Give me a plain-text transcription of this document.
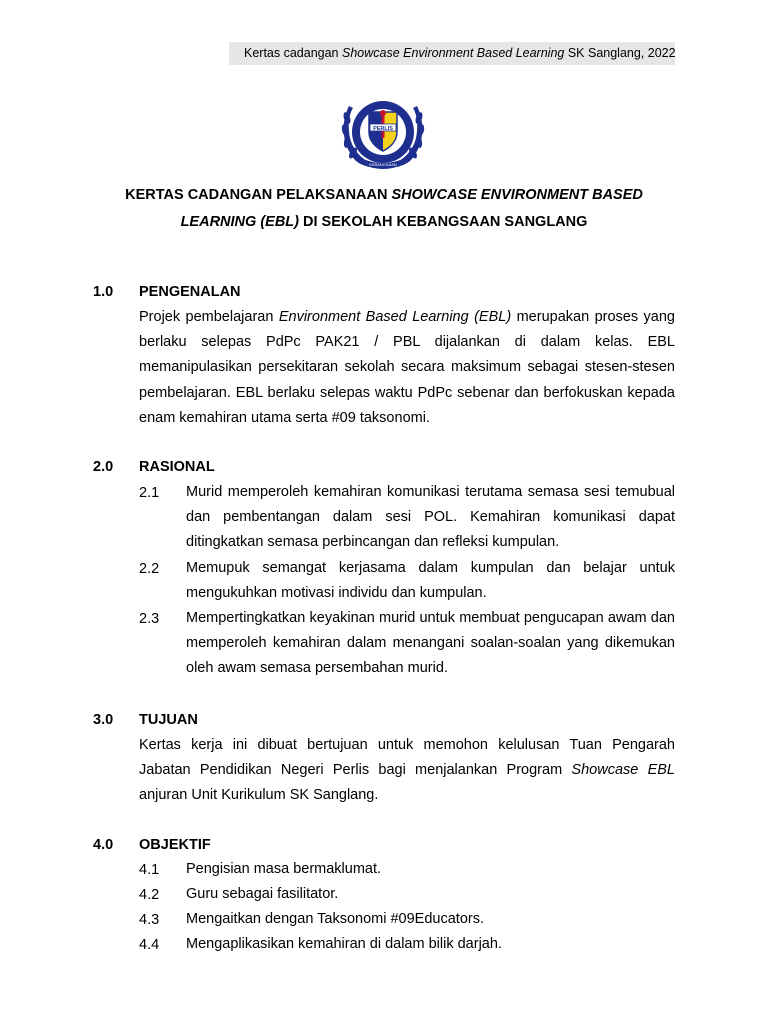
Kertas cadangan Showcase Environment Based Learning SK Sanglang, 2022
PERLIS
KEBANGSAAN
KERTAS CADANGAN PELAKSANAAN SHOWCASE ENVIRONMENT BASED
LEARNING (EBL) DI SEKOLAH KEBANGSAAN SANGLANG
1.0 PENGENALAN
Projek pembelajaran Environment Based Learning (EBL) merupakan proses yang berlaku selepas PdPc PAK21 / PBL dijalankan di dalam kelas. EBL memanipulasikan persekitaran sekolah secara maksimum sebagai stesen-stesen pembelajaran. EBL berlaku selepas waktu PdPc sebenar dan berfokuskan kepada enam kemahiran utama serta #09 taksonomi.
2.0 RASIONAL
2.1 Murid memperoleh kemahiran komunikasi terutama semasa sesi temubual dan pembentangan dalam sesi POL. Kemahiran komunikasi dapat ditingkatkan semasa perbincangan dan refleksi kumpulan.
2.2 Memupuk semangat kerjasama dalam kumpulan dan belajar untuk mengukuhkan motivasi individu dan kumpulan.
2.3 Mempertingkatkan keyakinan murid untuk membuat pengucapan awam dan memperoleh kemahiran dalam menangani soalan-soalan yang dikemukan oleh awam semasa persembahan murid.
3.0 TUJUAN
Kertas kerja ini dibuat bertujuan untuk memohon kelulusan Tuan Pengarah Jabatan Pendidikan Negeri Perlis bagi menjalankan Program Showcase EBL anjuran Unit Kurikulum SK Sanglang.
4.0 OBJEKTIF
4.1 Pengisian masa bermaklumat.
4.2 Guru sebagai fasilitator.
4.3 Mengaitkan dengan Taksonomi #09Educators.
4.4 Mengaplikasikan kemahiran di dalam bilik darjah.
